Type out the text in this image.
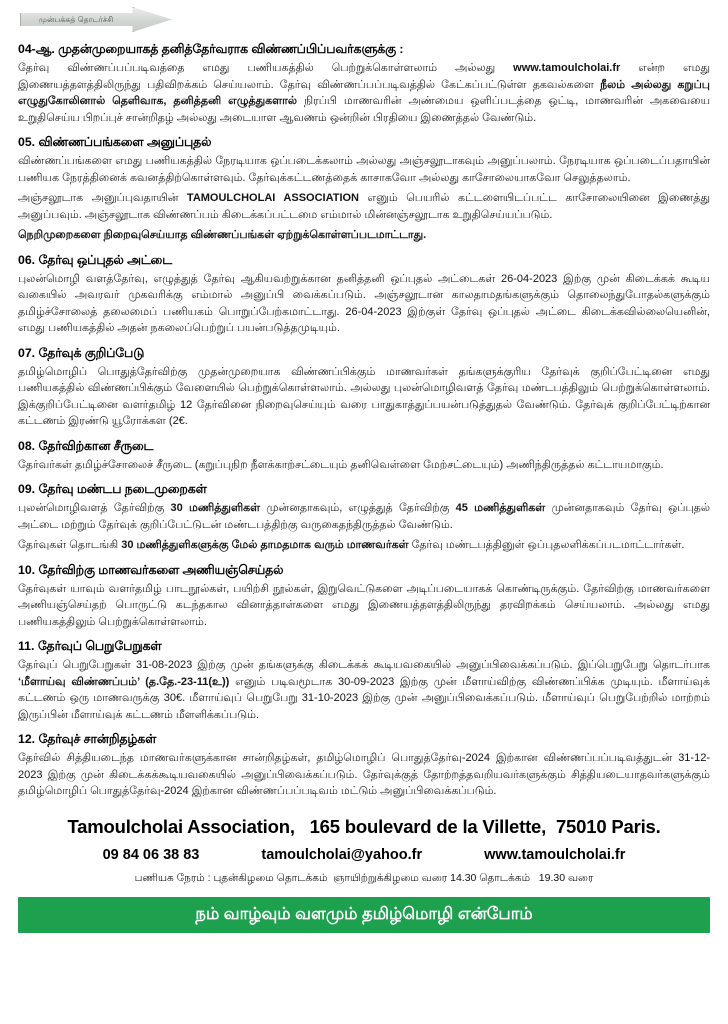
முன்பக்கத் தொடர்ச்சி
04-ஆ. முதன்முறையாகத் தனித்தேர்வராக விண்ணப்பிப்பவர்களுக்கு :

தேர்வு விண்ணப்பப்படிவத்தை எமது பணியகத்தில் பெற்றுக்கொள்ளலாம் அல்லது www.tamoulcholai.fr என்ற எமது இணையத்தளத்திலிருந்து பதிவிறக்கம் செய்யலாம். தேர்வு விண்ணப்பப்படிவத்தில் கேட்கப்பட்டுள்ள தகவல்களை நீலம் அல்லது கறுப்பு எழுதுகோலினால் தெளிவாக, தனித்தனி எழுத்துகளால் நிரப்பி மாணவரின் அண்மைய ஒளிப்படத்தை ஒட்டி, மாணவரின் அகவையை உறுதிசெய்ய பிறப்புச் சான்றிதழ் அல்லது அடையாள ஆவணம் ஒன்றின் பிரதியை இணைத்தல் வேண்டும்.

05. விண்ணப்பங்களை அனுப்புதல்

விண்ணப்பங்களை எமது பணியகத்தில் நேரடியாக ஒப்படைக்கலாம் அல்லது அஞ்சலூடாகவும் அனுப்பலாம். நேரடியாக ஒப்படைப்பதாயின் பணியக நேரத்தினைக் கவனத்திற்கொள்ளவும். தேர்வுக்கட்டணத்தைக் காசாகவோ அல்லது காசோலையாகவோ செலுத்தலாம்.

அஞ்சலூடாக அனுப்புவதாயின் TAMOULCHOLAI ASSOCIATION எனும் பெயரில் கட்டளையிடப்பட்ட காசோலையினை இணைத்து அனுப்பவும். அஞ்சலூடாக விண்ணப்பம் கிடைக்கப்பட்டமை எம்மால் மின்னஞ்சலூடாக உறுதிசெய்யப்படும்.

நெறிமுறைகளை நிறைவுசெய்யாத விண்ணப்பங்கள் ஏற்றுக்கொள்ளப்படமாட்டாது.

06. தேர்வு ஒப்புதல் அட்டை

புலன்மொழி வளத்தேர்வு, எழுத்துத் தேர்வு ஆகியவற்றுக்கான தனித்தனி ஒப்புதல் அட்டைகள் 26-04-2023 இற்கு முன் கிடைக்கக் கூடிய வகையில் அவரவர் முகவரிக்கு எம்மால் அனுப்பி வைக்கப்படும். அஞ்சலூடான காலதாமதங்களுக்கும் தொலைந்துபோதல்களுக்கும் தமிழ்ச்சோலைத் தலைமைப் பணியகம் பொறுப்பேற்கமாட்டாது. 26-04-2023 இற்குள் தேர்வு ஒப்புதல் அட்டை கிடைக்கவில்லையெனின், எமது பணியகத்தில் அதன் நகலைப்பெற்றுப் பயன்படுத்தமுடியும்.

07. தேர்வுக் குறிப்பேடு

தமிழ்மொழிப் பொதுத்தேர்விற்கு முதன்முறையாக விண்ணப்பிக்கும் மாணவர்கள் தங்களுக்குரிய தேர்வுக் குறிப்பேட்டினை எமது பணியகத்தில் விண்ணப்பிக்கும் வேளையில் பெற்றுக்கொள்ளலாம். அல்லது புலன்மொழிவளத் தேர்வு மண்டபத்திலும் பெற்றுக்கொள்ளலாம். இக்குறிப்பேட்டினை வளர்தமிழ் 12 தேர்வினை நிறைவுசெய்யும் வரை பாதுகாத்துப்பயன்படுத்துதல் வேண்டும். தேர்வுக் குறிப்பேட்டிற்கான கட்டணம் இரண்டு யூரோக்கள (2€.

08. தேர்விற்கான சீருடை

தேர்வர்கள் தமிழ்ச்சோலைச் சீருடை (கறுப்புநிற நீளக்காற்சட்டையும் தனிவெள்ளை மேற்சட்டையும்) அணிந்திருத்தல் கட்டாயமாகும்.

09. தேர்வு மண்டப நடைமுறைகள்

புலன்மொழிவளத் தேர்விற்கு 30 மணித்துளிகள் முன்னதாகவும், எழுத்துத் தேர்விற்கு 45 மணித்துளிகள் முன்னதாகவும் தேர்வு ஒப்புதல் அட்டை மற்றும் தேர்வுக் குறிப்பேட்டுடன் மண்டபத்திற்கு வருகைதந்திருத்தல் வேண்டும்.

தேர்வுகள் தொடங்கி 30 மணித்துளிகளுக்கு மேல் தாமதமாக வரும் மாணவர்கள் தேர்வு மண்டபத்தினுள் ஒப்புதலளிக்கப்படமாட்டார்கள்.

10. தேர்விற்கு மாணவர்களை அணியஞ்செய்தல்

தேர்வுகள் யாவும் வளர்தமிழ் பாடநூல்கள், பயிற்சி நூல்கள், இறுவெட்டுகளை அடிப்படையாகக் கொண்டிருக்கும். தேர்விற்கு மாணவர்களை அணியஞ்செய்தற் பொருட்டு கடந்தகால வினாத்தாள்களை எமது இணையத்தளத்திலிருந்து தரவிறக்கம் செய்யலாம். அல்லது எமது பணியகத்திலும் பெற்றுக்கொள்ளலாம்.

11. தேர்வுப் பெறுபேறுகள்

தேர்வுப் பெறுபேறுகள் 31-08-2023 இற்கு முன் தங்களுக்கு கிடைக்கக் கூடியவகையில் அனுப்பிவைக்கப்படும். இப்பெறுபேறு தொடர்பாக ‘மீளாய்வு விண்ணப்பம்’ (த.தே.-23-11(உ)) எனும் படிவமூடாக 30-09-2023 இற்கு முன் மீளாய்விற்கு விண்ணப்பிக்க முடியும். மீளாய்வுக் கட்டணம் ஒரு மாணவருக்கு 30€. மீளாய்வுப் பெறுபேறு 31-10-2023 இற்கு முன் அனுப்பிவைக்கப்படும். மீளாய்வுப் பெறுபேற்றில் மாற்றம் இருப்பின் மீளாய்வுக் கட்டணம் மீளளிக்கப்படும்.

12. தேர்வுச் சான்றிதழ்கள்

தேர்வில் சித்தியடைந்த மாணவர்களுக்கான சான்றிதழ்கள், தமிழ்மொழிப் பொதுத்தேர்வு-2024 இற்கான விண்ணப்பப்படிவத்துடன் 31-12-2023 இற்கு முன் கிடைக்கக்கூடியவகையில் அனுப்பிவைக்கப்படும். தேர்வுக்குத் தோற்றத்தவறியவர்களுக்கும் சித்தியடையாதவர்களுக்கும் தமிழ்மொழிப் பொதுத்தேர்வு-2024 இற்கான விண்ணப்பப்படிவம் மட்டும் அனுப்பிவைக்கப்படும்.

Tamoulcholai Association,   165 boulevard de la Villette,  75010 Paris.
09 84 06 38 83	tamoulcholai@yahoo.fr	www.tamoulcholai.fr
பணியக நேரம் : புதன்கிழமை தொடக்கம்  ஞாயிற்றுக்கிழமை வரை 14.30 தொடக்கம்   19.30 வரை
நம் வாழ்வும் வளமும் தமிழ்மொழி என்போம்
